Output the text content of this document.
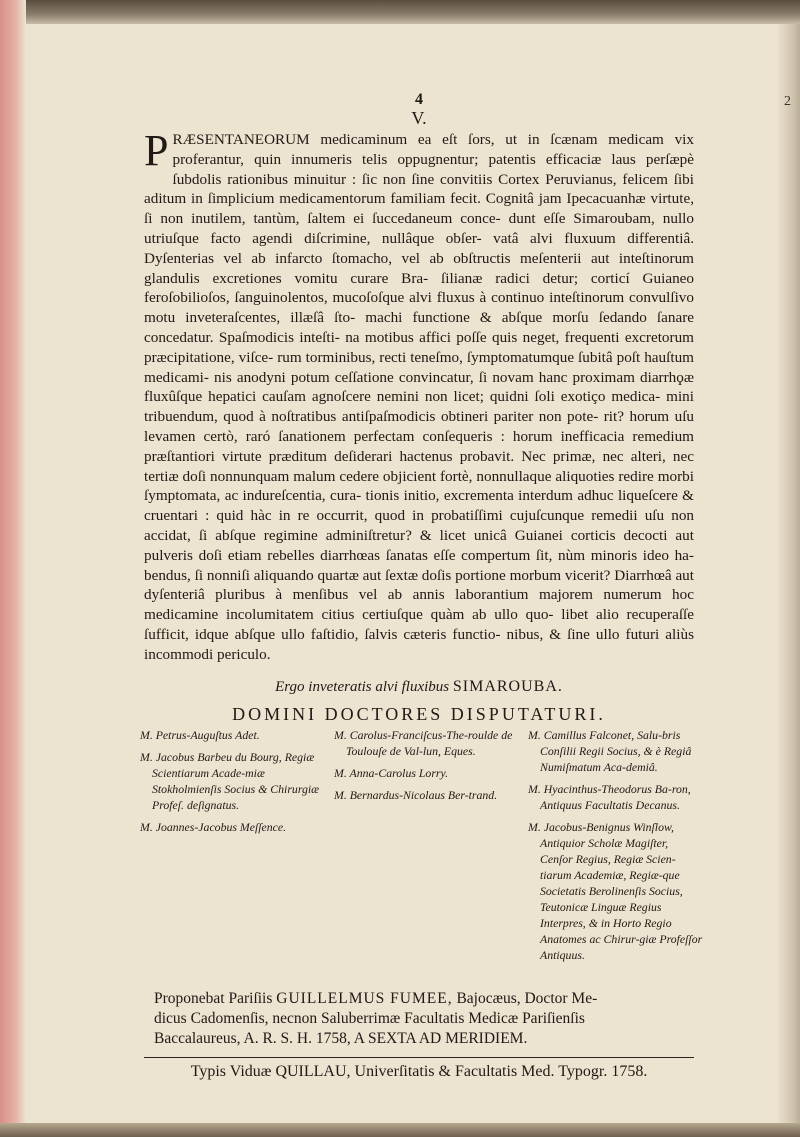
2
4
V.

P RÆSENTANEORUM medicaminum ea eſt ſors, ut in ſcænam medicam vix proferantur, quin innumeris telis oppugnentur; patentis efficaciæ laus perſæpè ſubdolis rationibus minuitur : ſic non ſine convitiis Cortex Peruvianus, felicem ſibi aditum in ſimplicium medicamentorum familiam fecit. Cognitâ jam Ipecacuanhæ virtute, ſi non inutilem, tantùm, ſaltem ei ſuccedaneum conce- dunt eſſe Simaroubam, nullo utriuſque facto agendi diſcrimine, nullâque obſer- vatâ alvi fluxuum differentiâ. Dyſenterias vel ab infarcto ſtomacho, vel ab obſtructis meſenterii aut inteſtinorum glandulis excretiones vomitu curare Bra- ſilianæ radici detur; corticí Guianeo feroſobilioſos, ſanguinolentos, mucoſoſque alvi fluxus à continuo inteſtinorum convulſivo motu inveteraſcentes, illæſâ ſto- machi functione & abſque morſu ſedando ſanare concedatur. Spaſmodicis inteſti- na motibus affici poſſe quis neget, frequenti excretorum præcipitatione, viſce- rum torminibus, recti teneſmo, ſymptomatumque ſubitâ poſt hauſtum medicami- nis anodyni potum ceſſatione convincatur, ſi novam hanc proximam diarrhϙæ fluxûſque hepatici cauſam agnoſcere nemini non licet; quidni ſoli exotiço medica- mini tribuendum, quod à noſtratibus antiſpaſmodicis obtineri pariter non pote- rit? horum uſu levamen certò, raró ſanationem perfectam conſequeris : horum inefficacia remedium præſtantiori virtute præditum deſiderari hactenus probavit. Nec primæ, nec alteri, nec tertiæ doſi nonnunquam malum cedere objicient fortè, nonnullaque aliquoties redire morbi ſymptomata, ac indureſcentia, cura- tionis initio, excrementa interdum adhuc liqueſcere & cruentari : quid hàc in re occurrit, quod in probatiſſimi cujuſcunque remedii uſu non accidat, ſi abſque regimine adminiſtretur? & licet unicâ Guianei corticis decocti aut pulveris doſi etiam rebelles diarrhœas ſanatas eſſe compertum ſit, nùm minoris ideo ha- bendus, ſi nonniſi aliquando quartæ aut ſextæ doſis portione morbum vicerit? Diarrhœâ aut dyſenteriâ pluribus à menſibus vel ab annis laborantium majorem numerum hoc medicamine incolumitatem citius certiuſque quàm ab ullo quo- libet alio recuperaſſe ſufficit, idque abſque ullo faſtidio, ſalvis cæteris functio- nibus, & ſine ullo futuri aliùs incommodi periculo.

Ergo inveteratis alvi fluxibus SIMAROUBA.
DOMINI DOCTORES DISPUTATURI.
M. Petrus-Auguſtus Adet.
M. Jacobus Barbeu du Bourg, Regiæ Scientiarum Acade-miæ Stokholmienſis Socius & Chirurgiæ Profeſ. deſignatus.
M. Joannes-Jacobus Meſſence.
M. Carolus-Franciſcus-The-roulde de Toulouſe de Val-lun, Eques.
M. Anna-Carolus Lorry.
M. Bernardus-Nicolaus Ber-trand.
M. Camillus Falconet, Salu-bris Conſilii Regii Socius, & è Regiâ Numiſmatum Aca-demiâ.
M. Hyacinthus-Theodorus Ba-ron, Antiquus Facultatis Decanus.
M. Jacobus-Benignus Winſlow, Antiquior Scholæ Magiſter, Cenſor Regius, Regiæ Scien-tiarum Academiæ, Regiæ-que Societatis Berolinenſis Socius, Teutonicæ Linguæ Regius Interpres, & in Horto Regio Anatomes ac Chirur-giæ Profeſſor Antiquus.
Proponebat Pariſiis GUILLELMUS FUMEE, Bajocæus, Doctor Me-
dicus Cadomenſis, necnon Saluberrimæ Facultatis Medicæ Pariſienſis
Baccalaureus, A. R. S. H. 1758, A SEXTA AD MERIDIEM.
Typis Viduæ QUILLAU, Univerſitatis & Facultatis Med. Typogr. 1758.
